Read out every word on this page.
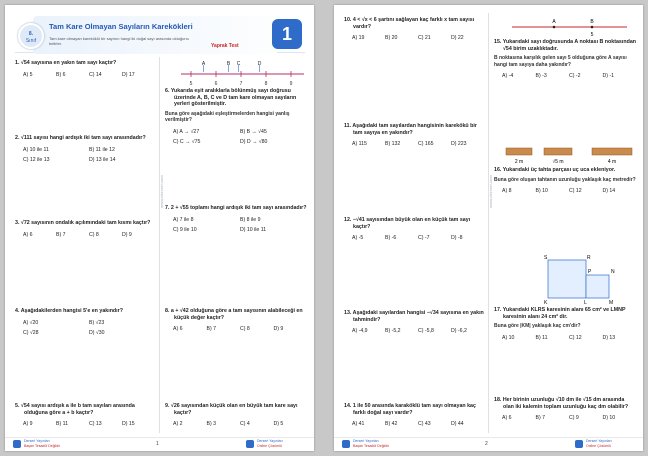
8.
Sınıf
Tam Kare Olmayan Sayıların Karekökleri
Tam kare olmayan kareköklü bir sayının hangi iki doğal sayı arasında olduğunu belirler.	Yaprak Test
1
www.derseri.com
1. √54 sayısına en yakın tam sayı kaçtır?
A) 5	B) 6	C) 14	D) 17
2. √111 sayısı hangi ardışık iki tam sayı arasındadır?
A) 10 ile 11	B) 11 ile 12
C) 12 ile 13	D) 13 ile 14
3. √72 sayısının ondalık açılımındaki tam kısmı kaçtır?
A) 6	B) 7	C) 8	D) 9
4. Aşağıdakilerden hangisi 5'e en yakındır?
A) √20	B) √23
C) √28	D) √30
5. √54 sayısı ardışık a ile b tam sayıları arasında olduğuna göre a + b kaçtır?
A) 9	B) 11	C) 13	D) 15
5	6	7	8	9
A	B C	D
6. Yukarıda eşit aralıklarla bölünmüş sayı doğrusu üzerinde A, B, C ve D tam kare olmayan sayıların yerleri gösterilmiştir.
Buna göre aşağıdaki eşleştirmelerden hangisi yanlış verilmiştir?
A) A → √27	B) B → √45
C) C → √75	D) D → √80
7. 2 + √55 toplamı hangi ardışık iki tam sayı arasındadır?
A) 7 ile 8	B) 8 ile 9
C) 9 ile 10	D) 10 ile 11
8. a + √42 olduğuna göre a tam sayısının alabileceği en küçük değer kaçtır?
A) 6	B) 7	C) 8	D) 9
9. √26 sayısından küçük olan en büyük tam kare sayı kaçtır?
A) 2	B) 3	C) 4	D) 5
Derseri Yayınları
Başarı Tesadüf Değildir	1	Derseri Yayınları
Online Çözümlü
www.derseri.com
10. 4 < √x < 6 şartını sağlayan kaç farklı x tam sayısı vardır?
A) 19	B) 20	C) 21	D) 22
11. Aşağıdaki tam sayılardan hangisinin karekökü bir tam sayıya en yakındır?
A) 115	B) 132	C) 165	D) 223
12. −√41 sayısından büyük olan en küçük tam sayı kaçtır?
A) -5	B) -6	C) -7	D) -8
13. Aşağıdaki sayılardan hangisi −√34 sayısına en yakın tahmindir?
A) -4,9	B) -5,2	C) -5,8	D) -6,2
14. 1 ile 50 arasında karaköklü tam sayı olmayan kaç farklı doğal sayı vardır?
A) 41	B) 42	C) 43	D) 44
A	B
5
15. Yukarıdaki sayı doğrusunda A noktası B noktasından √54 birim uzaklıktadır.
B noktasına karşılık gelen sayı 5 olduğuna göre A sayısı hangi tam sayıya daha yakındır?
A) -4	B) -3	C) -2	D) -1
2 m	√5 m	4 m
16. Yukarıdaki üç tahta parçası uç uca ekleniyor.
Buna göre oluşan tahtanın uzunluğu yaklaşık kaç metredir?
A) 8	B) 10	C) 12	D) 14
S	R
P	N
K	L	M
17. Yukarıdaki KLRS karesinin alanı 65 cm² ve LMNP karesinin alanı 24 cm² dir.
Buna göre |KM| yaklaşık kaç cm'dir?
A) 10	B) 11	C) 12	D) 13
18. Her birinin uzunluğu √10 dm ile √15 dm arasında olan iki kalemin toplam uzunluğu kaç dm olabilir?
A) 6	B) 7	C) 9	D) 10
Derseri Yayınları
Başarı Tesadüf Değildir	2	Derseri Yayınları
Online Çözümlü
